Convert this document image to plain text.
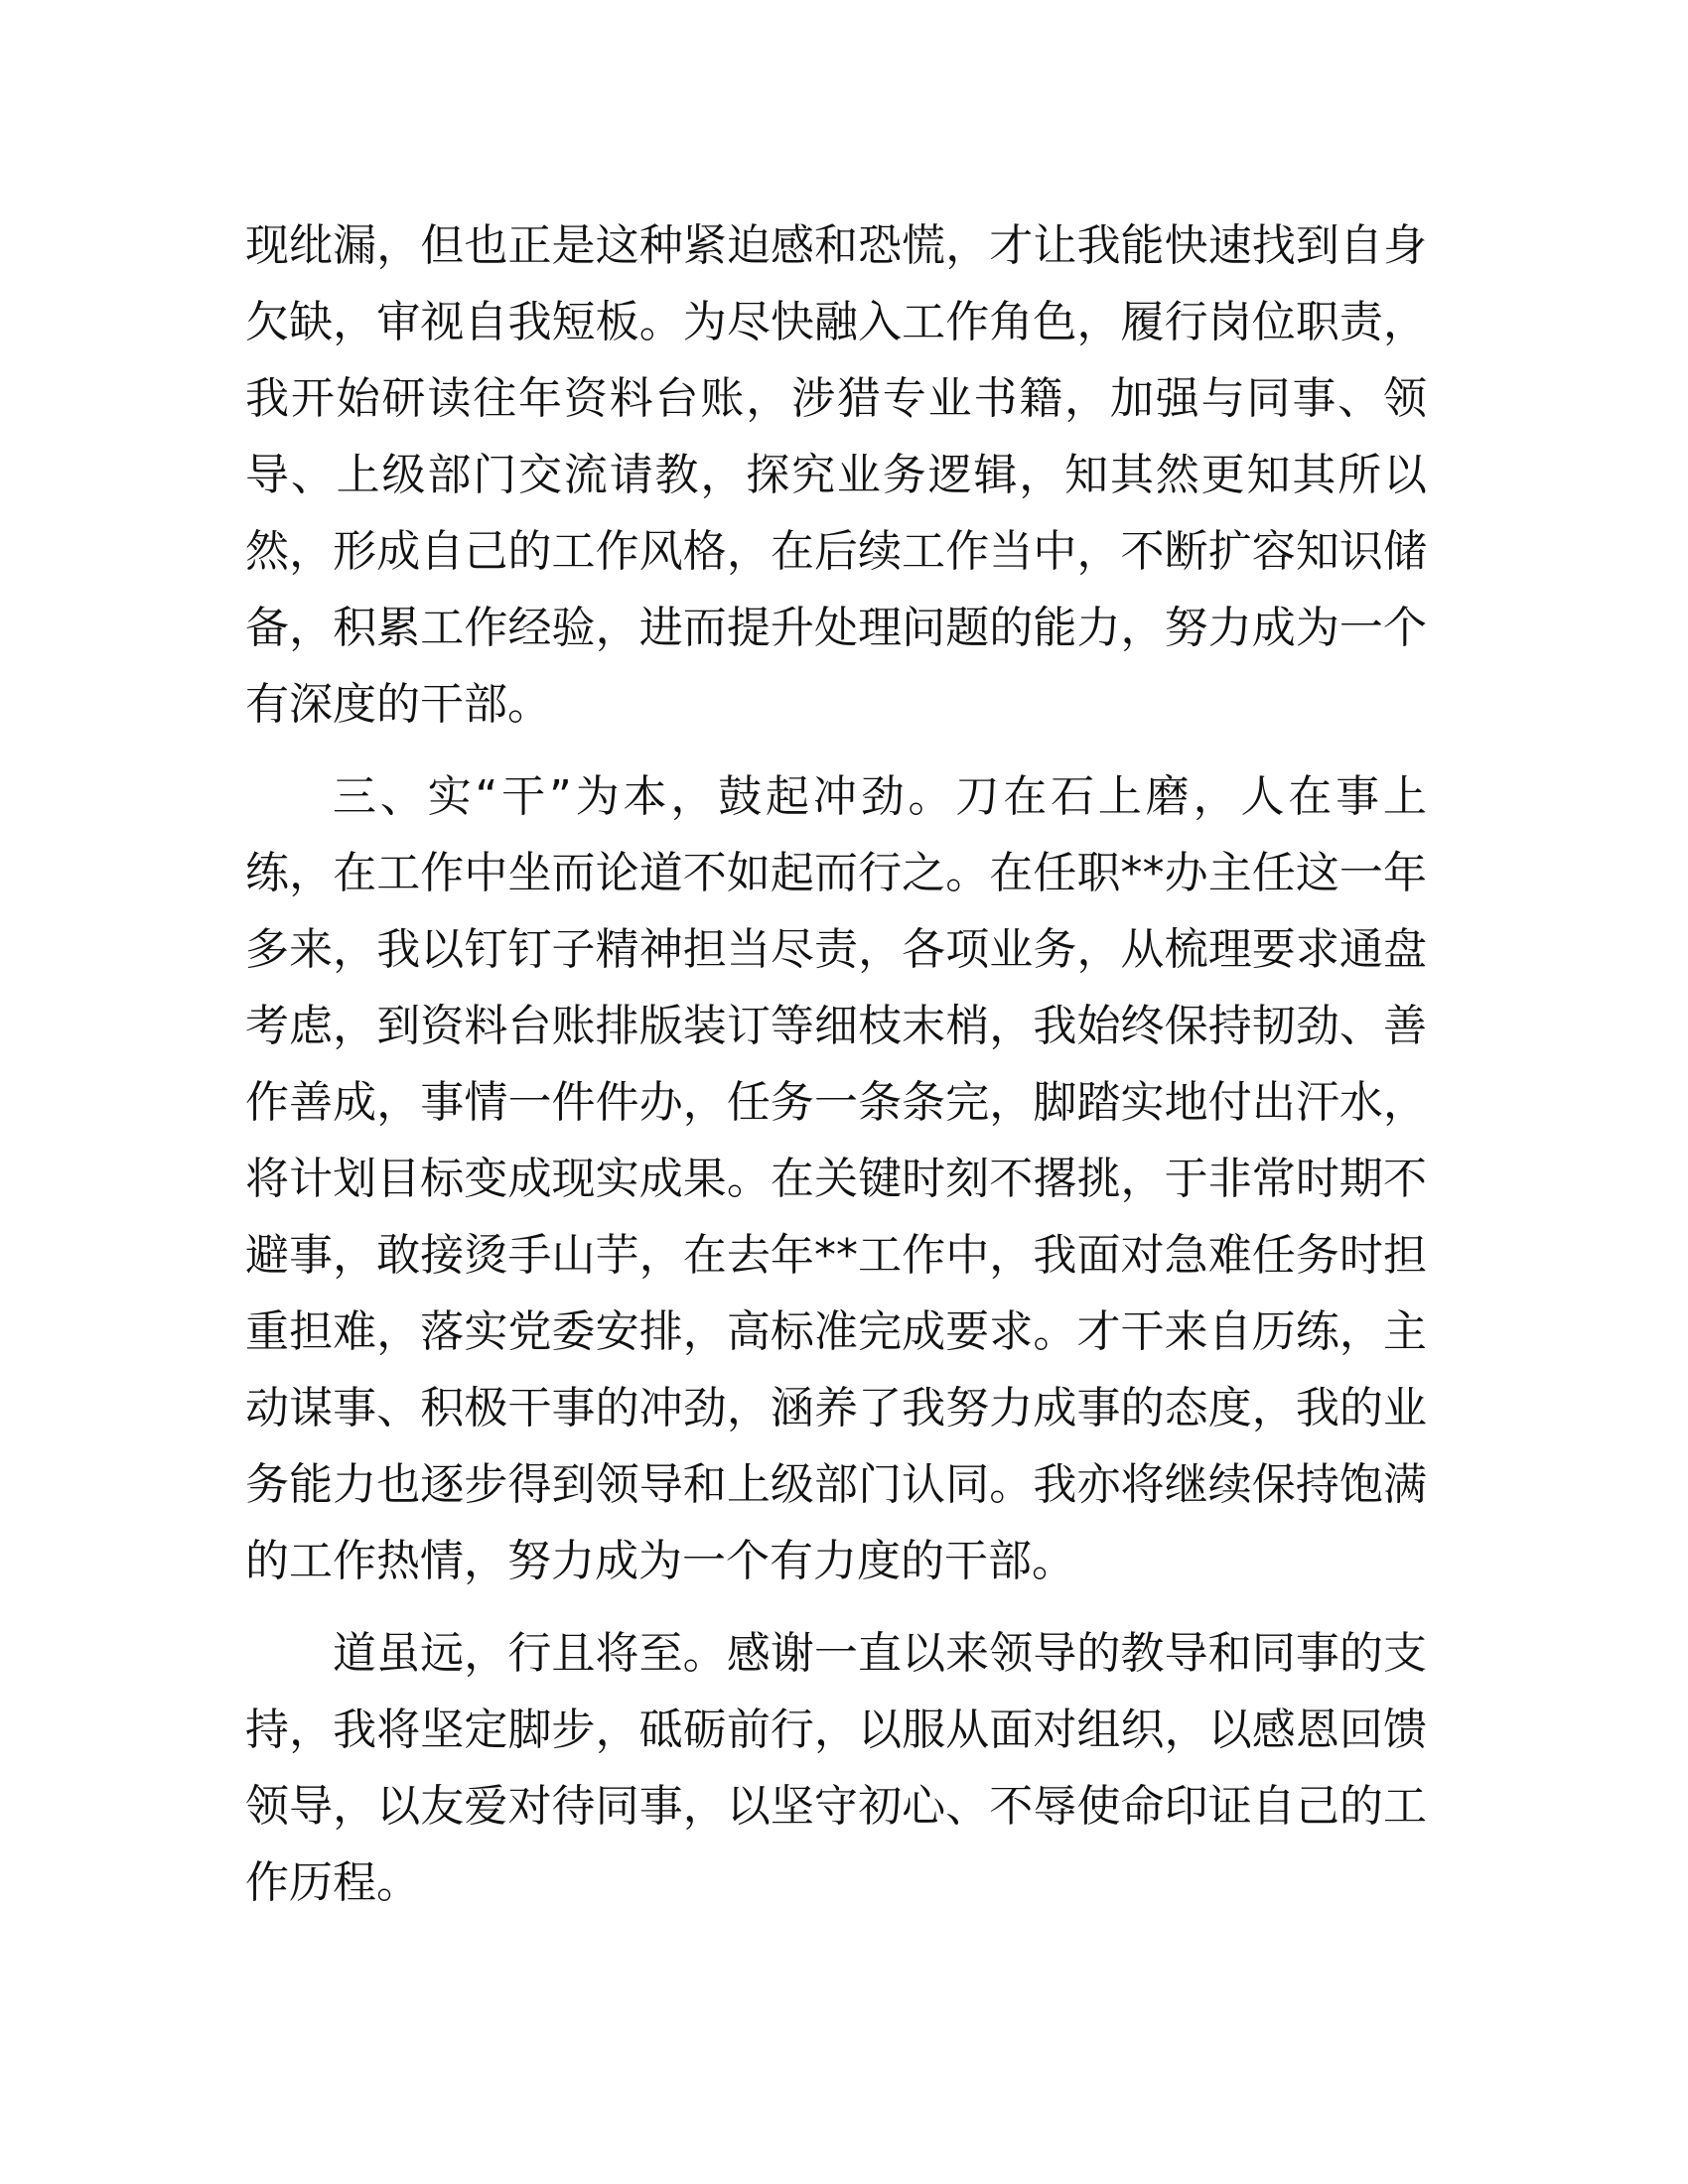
现纰漏，但也正是这种紧迫感和恐慌，才让我能快速找到自身
欠缺，审视自我短板。为尽快融入工作角色，履行岗位职责，
我开始研读往年资料台账，涉猎专业书籍，加强与同事、领
导、上级部门交流请教，探究业务逻辑，知其然更知其所以
然，形成自己的工作风格，在后续工作当中，不断扩容知识储
备，积累工作经验，进而提升处理问题的能力，努力成为一个
有深度的干部。
三、实“干”为本，鼓起冲劲。刀在石上磨，人在事上
练，在工作中坐而论道不如起而行之。在任职**办主任这一年
多来，我以钉钉子精神担当尽责，各项业务，从梳理要求通盘
考虑，到资料台账排版装订等细枝末梢，我始终保持韧劲、善
作善成，事情一件件办，任务一条条完，脚踏实地付出汗水，
将计划目标变成现实成果。在关键时刻不撂挑，于非常时期不
避事，敢接烫手山芋，在去年**工作中，我面对急难任务时担
重担难，落实党委安排，高标准完成要求。才干来自历练，主
动谋事、积极干事的冲劲，涵养了我努力成事的态度，我的业
务能力也逐步得到领导和上级部门认同。我亦将继续保持饱满
的工作热情，努力成为一个有力度的干部。
道虽远，行且将至。感谢一直以来领导的教导和同事的支
持，我将坚定脚步，砥砺前行，以服从面对组织，以感恩回馈
领导，以友爱对待同事，以坚守初心、不辱使命印证自己的工
作历程。
